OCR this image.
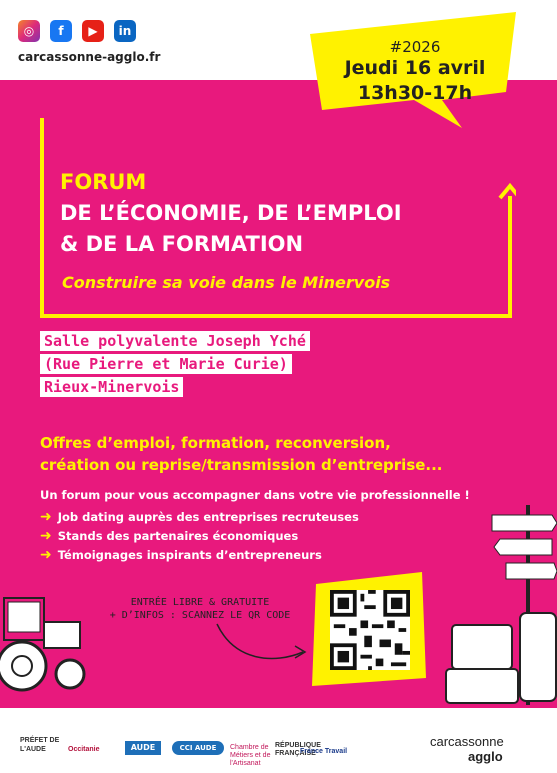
◎	f	▶	in
carcassonne-agglo.fr
#2026
Jeudi 16 avril
13h30-17h
FORUM
DE L’ÉCONOMIE, DE L’EMPLOI
& DE LA FORMATION
Construire sa voie dans le Minervois
Salle polyvalente Joseph Yché
(Rue Pierre et Marie Curie)
Rieux-Minervois
Offres d’emploi, formation, reconversion,
création ou reprise/transmission d’entreprise...
Un forum pour vous accompagner dans votre vie professionnelle !
➜ Job dating auprès des entreprises recruteuses
➜ Stands des partenaires économiques
➜ Témoignages inspirants d’entrepreneurs
ENTRÉE LIBRE & GRATUITE
+ D’INFOS : SCANNEZ LE QR CODE
PRÉFET DE L'AUDE	Occitanie	AUDE	CCI AUDE	Chambre de Métiers et de l'Artisanat
RÉPUBLIQUE FRANÇAISE
France Travail
carcassonne
agglo
